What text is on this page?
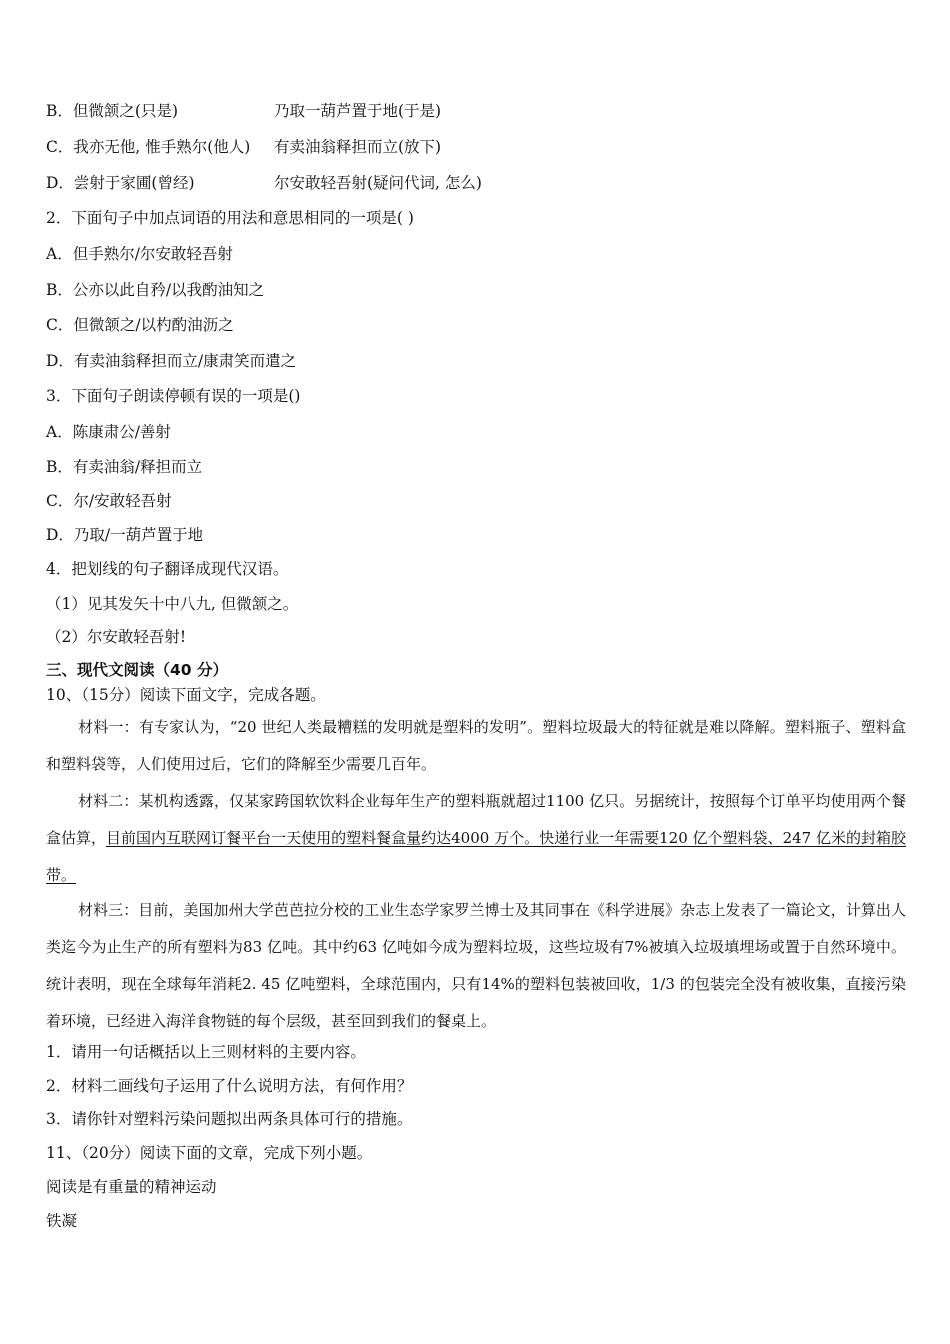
B．但微颔之(只是)	乃取一葫芦置于地(于是)
C．我亦无他, 惟手熟尔(他人) 有卖油翁释担而立(放下)
D．尝射于家圃(曾经)	尔安敢轻吾射(疑问代词, 怎么)
2．下面句子中加点词语的用法和意思相同的一项是( )
A．但手熟尔/尔安敢轻吾射
B．公亦以此自矜/以我酌油知之
C．但微颔之/以杓酌油沥之
D．有卖油翁释担而立/康肃笑而遣之
3．下面句子朗读停顿有误的一项是()
A．陈康肃公/善射
B．有卖油翁/释担而立
C．尔/安敢轻吾射
D．乃取/一葫芦置于地
4．把划线的句子翻译成现代汉语。
（1）见其发矢十中八九, 但微颔之。
（2）尔安敢轻吾射!
三、现代文阅读（40 分）
10、（15分）阅读下面文字，完成各题。
材料一：有专家认为，“20 世纪人类最糟糕的发明就是塑料的发明”。塑料垃圾最大的特征就是难以降解。塑料瓶子、塑料盒和塑料袋等，人们使用过后，它们的降解至少需要几百年。
材料二：某机构透露，仅某家跨国软饮料企业每年生产的塑料瓶就超过1100 亿只。另据统计，按照每个订单平均使用两个餐盒估算，目前国内互联网订餐平台一天使用的塑料餐盒量约达4000 万个。快递行业一年需要120 亿个塑料袋、247 亿米的封箱胶带。
材料三：目前，美国加州大学芭芭拉分校的工业生态学家罗兰博士及其同事在《科学进展》杂志上发表了一篇论文，计算出人类迄今为止生产的所有塑料为83 亿吨。其中约63 亿吨如今成为塑料垃圾，这些垃圾有7%被填入垃圾填埋场或置于自然环境中。统计表明，现在全球每年消耗2. 45 亿吨塑料，全球范围内，只有14%的塑料包装被回收，1/3 的包装完全没有被收集，直接污染着环境，已经进入海洋食物链的每个层级，甚至回到我们的餐桌上。
1．请用一句话概括以上三则材料的主要内容。
2．材料二画线句子运用了什么说明方法，有何作用？
3．请你针对塑料污染问题拟出两条具体可行的措施。
11、（20分）阅读下面的文章，完成下列小题。
阅读是有重量的精神运动
铁凝
